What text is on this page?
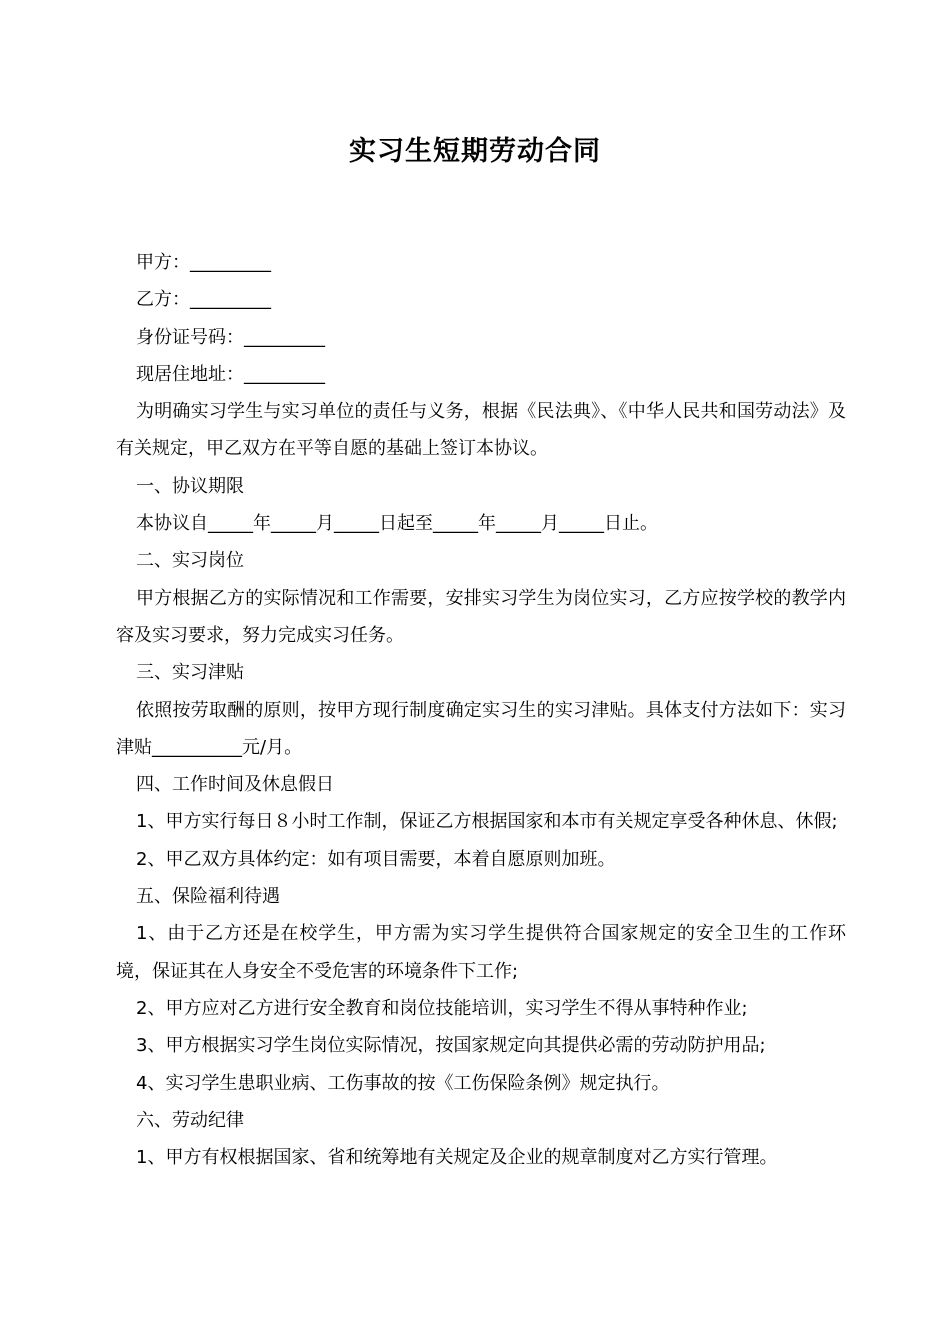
实习生短期劳动合同

甲方：_________

乙方：_________

身份证号码：_________

现居住地址：_________

为明确实习学生与实习单位的责任与义务，根据《民法典》、《中华人民共和国劳动法》及有关规定，甲乙双方在平等自愿的基础上签订本协议。

一、协议期限

本协议自_____年_____月_____日起至_____年_____月_____日止。

二、实习岗位

甲方根据乙方的实际情况和工作需要，安排实习学生为岗位实习，乙方应按学校的教学内容及实习要求，努力完成实习任务。

三、实习津贴

依照按劳取酬的原则，按甲方现行制度确定实习生的实习津贴。具体支付方法如下：实习津贴__________元/月。

四、工作时间及休息假日

1、甲方实行每日８小时工作制，保证乙方根据国家和本市有关规定享受各种休息、休假;

2、甲乙双方具体约定：如有项目需要，本着自愿原则加班。

五、保险福利待遇

1、由于乙方还是在校学生，甲方需为实习学生提供符合国家规定的安全卫生的工作环境，保证其在人身安全不受危害的环境条件下工作;

2、甲方应对乙方进行安全教育和岗位技能培训，实习学生不得从事特种作业;

3、甲方根据实习学生岗位实际情况，按国家规定向其提供必需的劳动防护用品;

4、实习学生患职业病、工伤事故的按《工伤保险条例》规定执行。

六、劳动纪律

1、甲方有权根据国家、省和统筹地有关规定及企业的规章制度对乙方实行管理。
